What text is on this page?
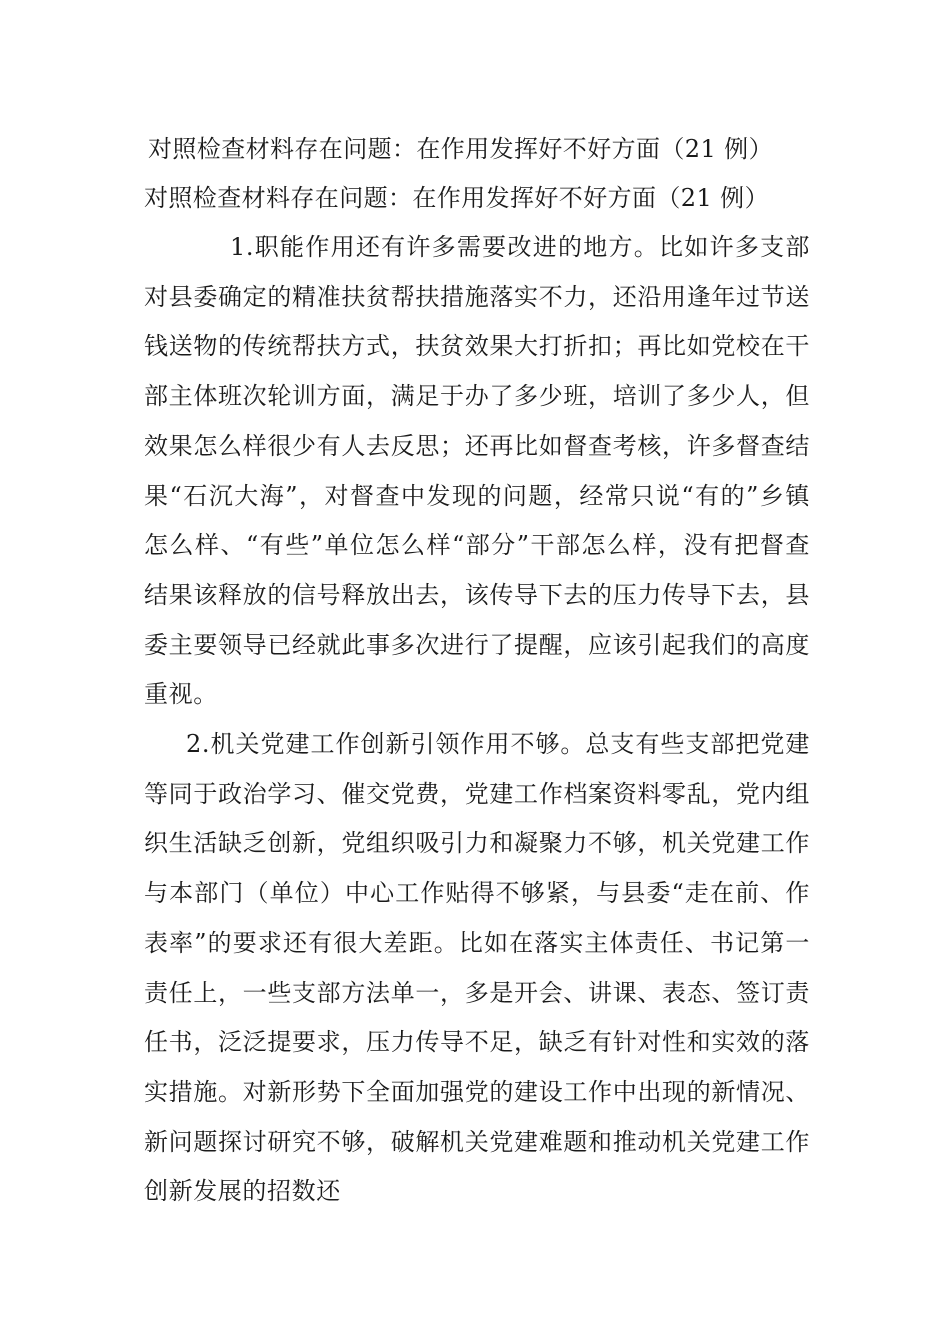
对照检查材料存在问题：在作用发挥好不好方面（21 例）
对照检查材料存在问题：在作用发挥好不好方面（21 例）

1.职能作用还有许多需要改进的地方。比如许多支部对县委确定的精准扶贫帮扶措施落实不力，还沿用逢年过节送钱送物的传统帮扶方式，扶贫效果大打折扣；再比如党校在干部主体班次轮训方面，满足于办了多少班，培训了多少人，但效果怎么样很少有人去反思；还再比如督查考核，许多督查结果“石沉大海”，对督查中发现的问题，经常只说“有的”乡镇怎么样、“有些”单位怎么样“部分”干部怎么样，没有把督查结果该释放的信号释放出去，该传导下去的压力传导下去，县委主要领导已经就此事多次进行了提醒，应该引起我们的高度重视。

2.机关党建工作创新引领作用不够。总支有些支部把党建等同于政治学习、催交党费，党建工作档案资料零乱，党内组织生活缺乏创新，党组织吸引力和凝聚力不够，机关党建工作与本部门（单位）中心工作贴得不够紧，与县委“走在前、作表率”的要求还有很大差距。比如在落实主体责任、书记第一责任上，一些支部方法单一，多是开会、讲课、表态、签订责任书，泛泛提要求，压力传导不足，缺乏有针对性和实效的落实措施。对新形势下全面加强党的建设工作中出现的新情况、新问题探讨研究不够，破解机关党建难题和推动机关党建工作创新发展的招数还
